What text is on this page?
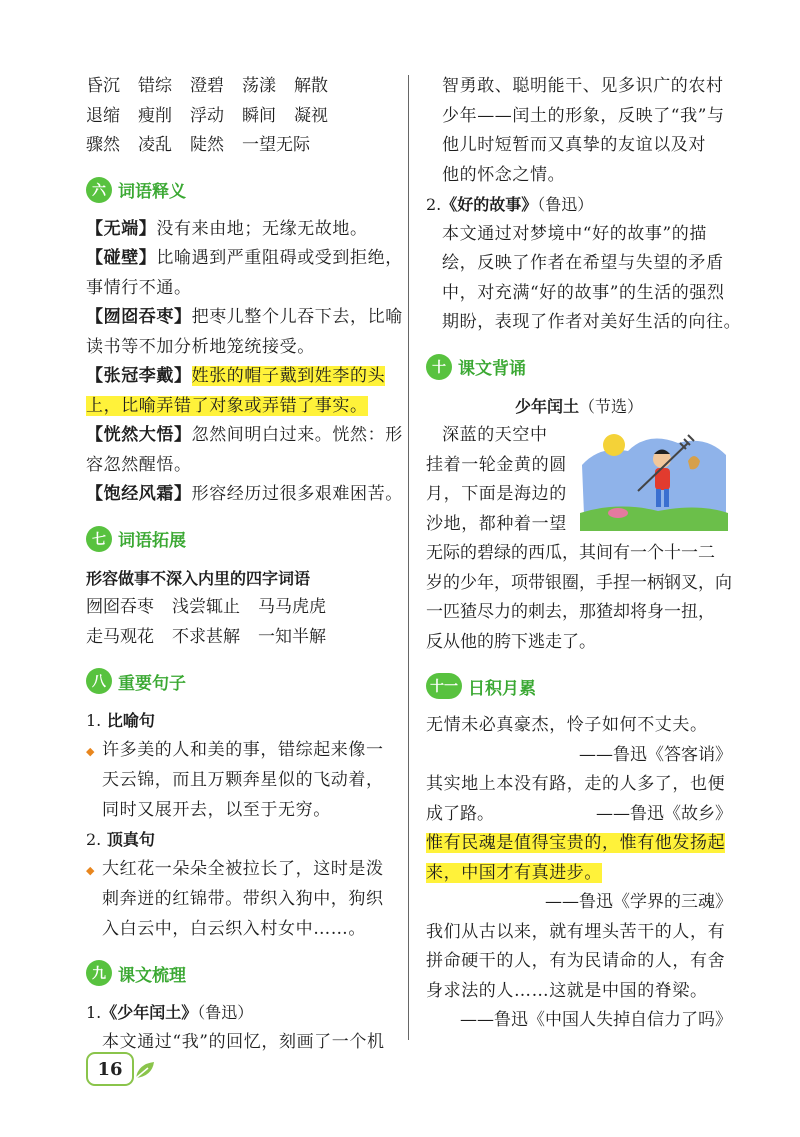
昏沉 错综 澄碧 荡漾 解散
退缩 瘦削 浮动 瞬间 凝视
骤然 凌乱 陡然 一望无际
六 词语释义
【无端】没有来由地；无缘无故地。
【碰壁】比喻遇到严重阻碍或受到拒绝，
事情行不通。
【囫囵吞枣】把枣儿整个儿吞下去，比喻
读书等不加分析地笼统接受。
【张冠李戴】姓张的帽子戴到姓李的头
上，比喻弄错了对象或弄错了事实。
【恍然大悟】忽然间明白过来。恍然：形
容忽然醒悟。
【饱经风霜】形容经历过很多艰难困苦。
七 词语拓展
形容做事不深入内里的四字词语
囫囵吞枣 浅尝辄止 马马虎虎
走马观花 不求甚解 一知半解
八 重要句子
1. 比喻句
◆ 许多美的人和美的事，错综起来像一
天云锦，而且万颗奔星似的飞动着，
同时又展开去，以至于无穷。
2. 顶真句
◆ 大红花一朵朵全被拉长了，这时是泼
刺奔迸的红锦带。带织入狗中，狗织
入白云中，白云织入村女中……。
九 课文梳理
1.《少年闰土》（鲁迅）
本文通过“我”的回忆，刻画了一个机
智勇敢、聪明能干、见多识广的农村
少年——闰土的形象，反映了“我”与
他儿时短暂而又真挚的友谊以及对
他的怀念之情。
2.《好的故事》（鲁迅）
本文通过对梦境中“好的故事”的描
绘，反映了作者在希望与失望的矛盾
中，对充满“好的故事”的生活的强烈
期盼，表现了作者对美好生活的向往。
十 课文背诵
少年闰土（节选）
深蓝的天空中
挂着一轮金黄的圆
月，下面是海边的
沙地，都种着一望
无际的碧绿的西瓜，其间有一个十一二
岁的少年，项带银圈，手捏一柄钢叉，向
一匹猹尽力的刺去，那猹却将身一扭，
反从他的胯下逃走了。
十一 日积月累
无情未必真豪杰，怜子如何不丈夫。
——鲁迅《答客诮》
其实地上本没有路，走的人多了，也便
成了路。	——鲁迅《故乡》
惟有民魂是值得宝贵的，惟有他发扬起
来，中国才有真进步。
——鲁迅《学界的三魂》
我们从古以来，就有埋头苦干的人，有
拼命硬干的人，有为民请命的人，有舍
身求法的人……这就是中国的脊梁。
——鲁迅《中国人失掉自信力了吗》
16
